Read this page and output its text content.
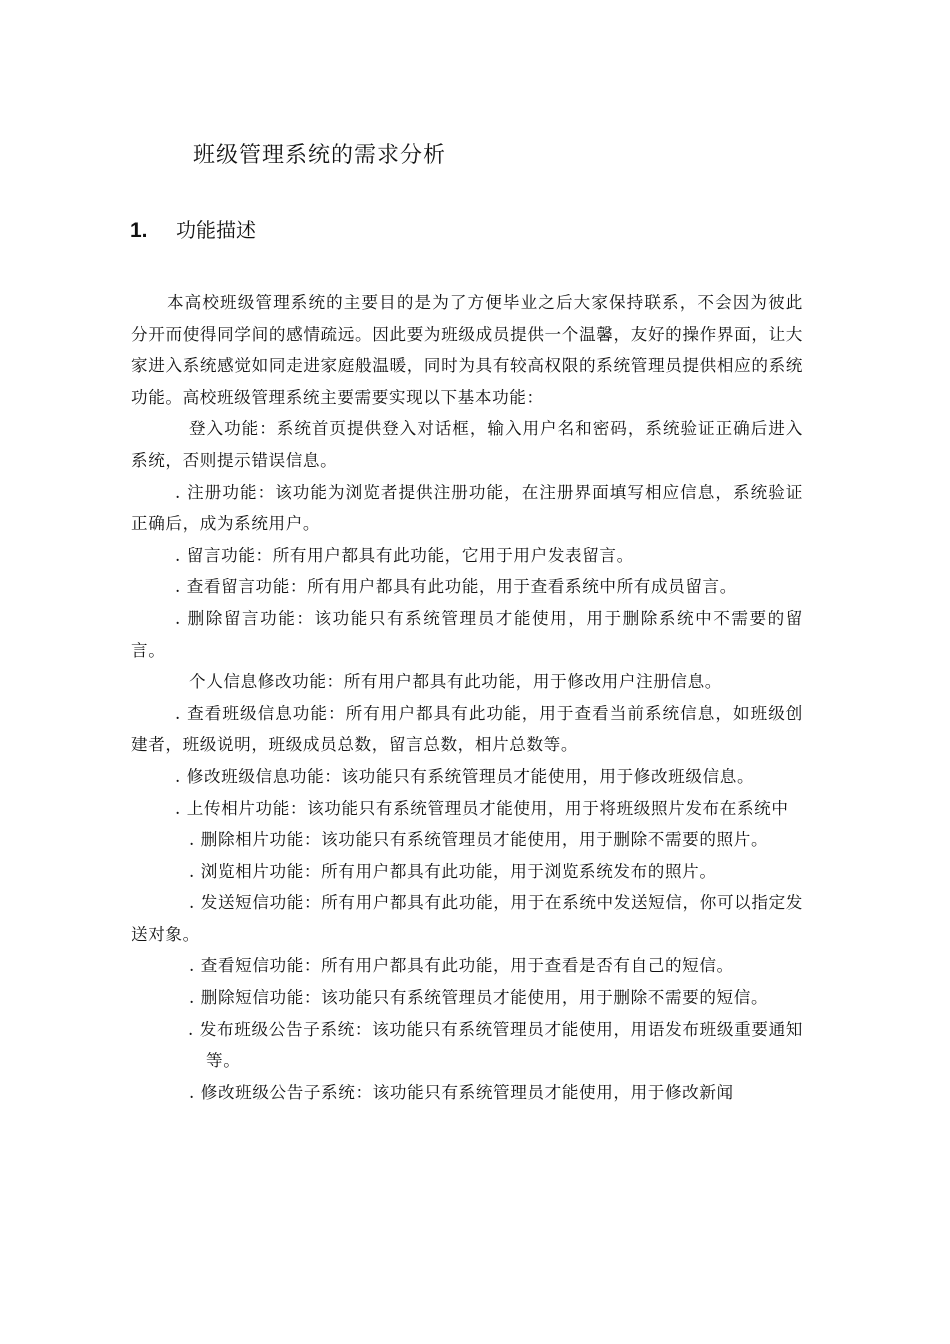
班级管理系统的需求分析
1. 功能描述

本高校班级管理系统的主要目的是为了方便毕业之后大家保持联系，不会因为彼此分开而使得同学间的感情疏远。因此要为班级成员提供一个温馨，友好的操作界面，让大家进入系统感觉如同走进家庭般温暖，同时为具有较高权限的系统管理员提供相应的系统功能。高校班级管理系统主要需要实现以下基本功能：

登入功能：系统首页提供登入对话框，输入用户名和密码，系统验证正确后进入系统，否则提示错误信息。

. 注册功能：该功能为浏览者提供注册功能，在注册界面填写相应信息，系统验证正确后，成为系统用户。

. 留言功能：所有用户都具有此功能，它用于用户发表留言。

. 查看留言功能：所有用户都具有此功能，用于查看系统中所有成员留言。

. 删除留言功能：该功能只有系统管理员才能使用，用于删除系统中不需要的留言。

个人信息修改功能：所有用户都具有此功能，用于修改用户注册信息。

. 查看班级信息功能：所有用户都具有此功能，用于查看当前系统信息，如班级创建者，班级说明，班级成员总数，留言总数，相片总数等。

. 修改班级信息功能：该功能只有系统管理员才能使用，用于修改班级信息。

. 上传相片功能：该功能只有系统管理员才能使用，用于将班级照片发布在系统中

. 删除相片功能：该功能只有系统管理员才能使用，用于删除不需要的照片。

. 浏览相片功能：所有用户都具有此功能，用于浏览系统发布的照片。

. 发送短信功能：所有用户都具有此功能，用于在系统中发送短信，你可以指定发送对象。

. 查看短信功能：所有用户都具有此功能，用于查看是否有自己的短信。

. 删除短信功能：该功能只有系统管理员才能使用，用于删除不需要的短信。

. 发布班级公告子系统：该功能只有系统管理员才能使用，用语发布班级重要通知等。

. 修改班级公告子系统：该功能只有系统管理员才能使用，用于修改新闻
